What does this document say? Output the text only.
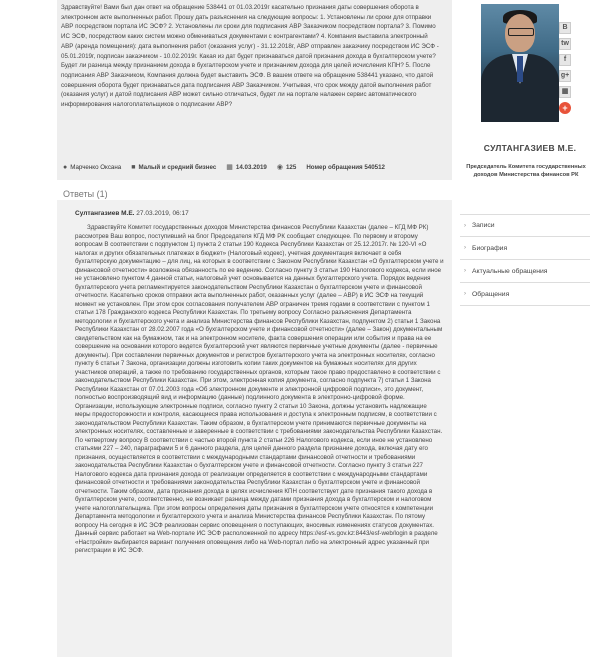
Здравствуйте! Вами был дан ответ на обращение 538441 от 01.03.2019г касательно признания даты совершения оборота в электронном акте выполненных работ. Прошу дать разъяснения на следующие вопросы: 1. Установлены ли сроки для отправки АВР посредством портала ИС ЭСФ? 2. Установлены ли сроки для подписания АВР Заказчиком посредством портала? 3. Помимо ИС ЭСФ, посредством каких систем можно обмениваться документами с контрагентами? 4. Компания выставила электронный АВР (аренда помещения): дата выполнения работ (оказания услуг) - 31.12.2018г, АВР отправлен заказчику посредством ИС ЭСФ - 05.01.2019г, подписан заказчиком - 10.02.2019г. Какая из дат будет признаваться датой признания дохода в бухгалтерском учете? Будет ли разница между признанием дохода в бухгалтерском учете и признанием дохода для целей исчисления КПН? 5. После подписания АВР Заказчиком, Компания должна будет выставить ЭСФ. В вашем ответе на обращение 538441 указано, что датой совершения оборота будет признаваться дата подписания АВР Заказчиком. Учитывая, что срок между датой выполнения работ (оказания услуг) и датой подписания АВР может сильно отличаться, будет ли на портале налажен сервис автоматического информирования налогоплательщиков о подписании АВР?

● Марченко Оксана ■ Малый и средний бизнес ▦ 14.03.2019 ◉ 125 Номер обращения 540512
В
tw
f
g+
▦
+
СУЛТАНГАЗИЕВ М.Е.
Председатель Комитета государственных доходов Министерства финансов РК
Ответы (1)
Султангазиев М.Е. 27.03.2019, 06:17

Здравствуйте Комитет государственных доходов Министерства финансов Республики Казахстан (далее – КГД МФ РК) рассмотрев Ваш вопрос, поступивший на блог Председателя КГД МФ РК сообщает следующее. По первому и второму вопросам В соответствии с подпунктом 1) пункта 2 статьи 190 Кодекса Республики Казахстан от 25.12.2017г. № 120-VI «О налогах и других обязательных платежах в бюджет» (Налоговый кодекс), учетная документация включает в себя бухгалтерскую документацию – для лиц, на которых в соответствии с Законом Республики Казахстан «О бухгалтерском учете и финансовой отчетности» возложена обязанность по ее ведению. Согласно пункту 3 статьи 190 Налогового кодекса, если иное не установлено пунктом 4 данной статьи, налоговый учет основывается на данных бухгалтерского учета. Порядок ведения бухгалтерского учета регламентируется законодательством Республики Казахстан о бухгалтерском учете и финансовой отчетности. Касательно сроков отправки акта выполненных работ, оказанных услуг (далее – АВР) в ИС ЭСФ на текущий момент не установлен. При этом срок согласования получателем АВР ограничен тремя годами в соответствии с пунктом 1 статьи 178 Гражданского кодекса Республики Казахстан. По третьему вопросу Согласно разъяснения Департамента методологии и бухгалтерского учета и анализа Министерства финансов Республики Казахстан, подпунктом 2) статьи 1 Закона Республики Казахстан от 28.02.2007 года «О бухгалтерском учете и финансовой отчетности» (далее – Закон) документальным свидетельством как на бумажном, так и на электронном носителе, факта совершения операции или события и права на ее совершение на основании которого ведется бухгалтерский учет являются первичные учетные документы (далее - первичные документы). При составлении первичных документов и регистров бухгалтерского учета на электронных носителях, согласно пункту 6 статьи 7 Закона, организации должны изготовить копии таких документов на бумажных носителях для других участников операций, а также по требованию государственных органов, которым такое право предоставлено в соответствии с законодательством Республики Казахстан. При этом, электронная копия документа, согласно подпункта 7) статьи 1 Закона Республики Казахстан от 07.01.2003 года «Об электронном документе и электронной цифровой подписи», это документ, полностью воспроизводящий вид и информацию (данные) подлинного документа в электронно-цифровой форме. Организации, использующие электронные подписи, согласно пункту 2 статьи 10 Закона, должны установить надлежащие меры предосторожности и контроля, касающиеся права использования и доступа к электронным подписям, в соответствии с законодательством Республики Казахстан. Таким образом, в бухгалтерском учете принимаются первичные документы на электронных носителях, составленные и заверенные в соответствии с требованиями законодательства Республики Казахстан. По четвертому вопросу В соответствии с частью второй пункта 2 статьи 226 Налогового кодекса, если иное не установлено статьями 227 – 240, параграфами 5 и 6 данного раздела, для целей данного раздела признание дохода, включая дату его признания, осуществляется в соответствии с международными стандартами финансовой отчетности и требованиями законодательства Республики Казахстан о бухгалтерском учете и финансовой отчетности. Согласно пункту 3 статьи 227 Налогового кодекса дата признания дохода от реализации определяется в соответствии с международными стандартами финансовой отчетности и требованиями законодательства Республики Казахстан о бухгалтерском учете и финансовой отчетности. Таким образом, дата признания дохода в целях исчисления КПН соответствует дате признания такого дохода в бухгалтерском учете, соответственно, не возникает разница между датами признания дохода в бухгалтерском и налоговом учете налогоплательщика. При этом вопросы определения даты признания в бухгалтерском учете относятся к компетенции Департамента методологии и бухгалтерского учета и анализа Министерства финансов Республики Казахстан. По пятому вопросу На сегодня в ИС ЭСФ реализован сервис оповещения о поступающих, вносимых изменениях статусов документах. Данный сервис работает на Web-портале ИС ЭСФ расположенной по адресу https://esf-vs.gov.kz:8443/esf-web/login в разделе «Настройки» выбирается вариант получения оповещения либо на Web-портал либо на электронный адрес указанный при регистрации в ИС ЭСФ.

› Записи
› Биография
› Актуальные обращения
› Обращения
